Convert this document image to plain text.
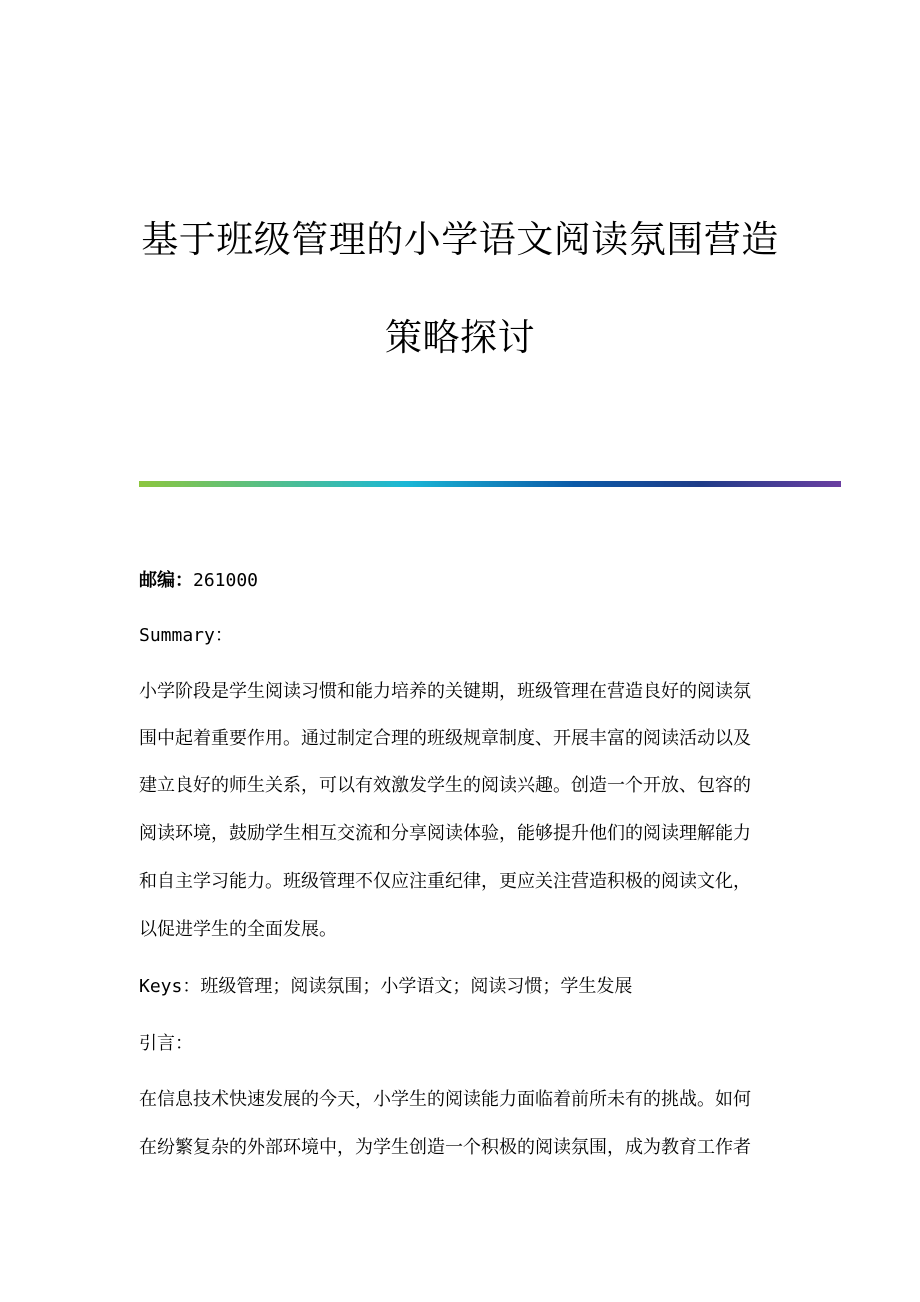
基于班级管理的小学语文阅读氛围营造
策略探讨
邮编：261000
Summary：
小学阶段是学生阅读习惯和能力培养的关键期，班级管理在营造良好的阅读氛
围中起着重要作用。通过制定合理的班级规章制度、开展丰富的阅读活动以及
建立良好的师生关系，可以有效激发学生的阅读兴趣。创造一个开放、包容的
阅读环境，鼓励学生相互交流和分享阅读体验，能够提升他们的阅读理解能力
和自主学习能力。班级管理不仅应注重纪律，更应关注营造积极的阅读文化，
以促进学生的全面发展。
Keys：班级管理；阅读氛围；小学语文；阅读习惯；学生发展
引言：
在信息技术快速发展的今天，小学生的阅读能力面临着前所未有的挑战。如何
在纷繁复杂的外部环境中，为学生创造一个积极的阅读氛围，成为教育工作者
